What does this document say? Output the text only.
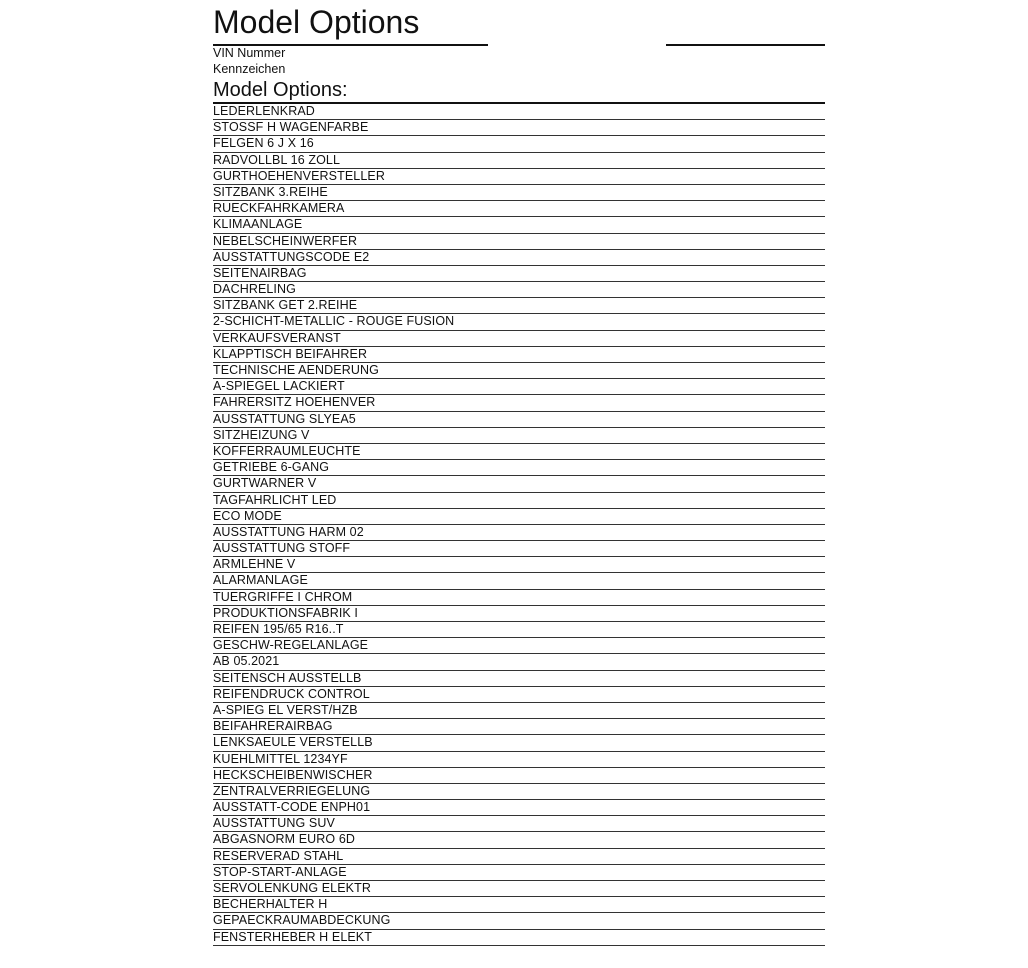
Model Options
VIN Nummer
Kennzeichen
Model Options:
LEDERLENKRAD
STOSSF H WAGENFARBE
FELGEN 6 J X 16
RADVOLLBL 16 ZOLL
GURTHOEHENVERSTELLER
SITZBANK 3.REIHE
RUECKFAHRKAMERA
KLIMAANLAGE
NEBELSCHEINWERFER
AUSSTATTUNGSCODE E2
SEITENAIRBAG
DACHRELING
SITZBANK GET 2.REIHE
2-SCHICHT-METALLIC - ROUGE FUSION
VERKAUFSVERANST
KLAPPTISCH BEIFAHRER
TECHNISCHE AENDERUNG
A-SPIEGEL LACKIERT
FAHRERSITZ HOEHENVER
AUSSTATTUNG SLYEA5
SITZHEIZUNG V
KOFFERRAUMLEUCHTE
GETRIEBE 6-GANG
GURTWARNER V
TAGFAHRLICHT LED
ECO MODE
AUSSTATTUNG HARM 02
AUSSTATTUNG STOFF
ARMLEHNE V
ALARMANLAGE
TUERGRIFFE I CHROM
PRODUKTIONSFABRIK I
REIFEN 195/65 R16..T
GESCHW-REGELANLAGE
AB 05.2021
SEITENSCH AUSSTELLB
REIFENDRUCK CONTROL
A-SPIEG EL VERST/HZB
BEIFAHRERAIRBAG
LENKSAEULE VERSTELLB
KUEHLMITTEL 1234YF
HECKSCHEIBENWISCHER
ZENTRALVERRIEGELUNG
AUSSTATT-CODE ENPH01
AUSSTATTUNG SUV
ABGASNORM EURO 6D
RESERVERAD STAHL
STOP-START-ANLAGE
SERVOLENKUNG ELEKTR
BECHERHALTER H
GEPAECKRAUMABDECKUNG
FENSTERHEBER H ELEKT
